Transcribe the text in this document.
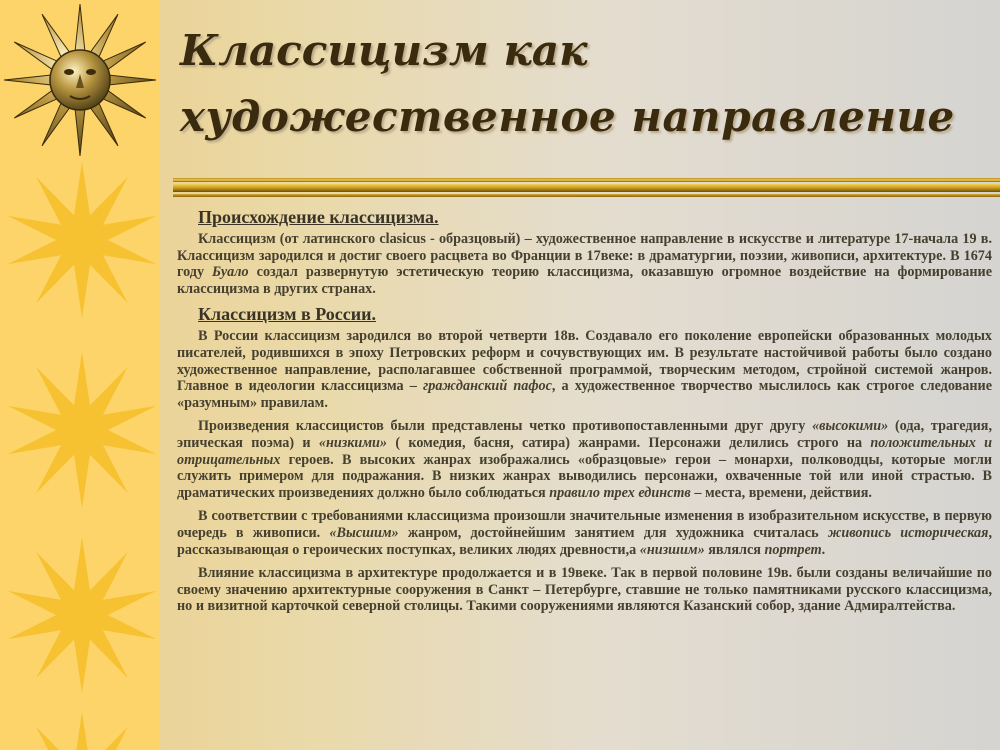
Классицизм как
художественное направление
Происхождение классицизма.

Классицизм (от латинского clasicus - образцовый) – художественное направление в искусстве и литературе 17-начала 19 в. Классицизм зародился и достиг своего расцвета во Франции в 17веке: в драматургии, поэзии, живописи, архитектуре. В 1674 году Буало создал развернутую эстетическую теорию классицизма, оказавшую огромное воздействие на формирование классицизма в других странах.

Классицизм в России.

В России классицизм зародился во второй четверти 18в. Создавало его поколение европейски образованных молодых писателей, родившихся в эпоху Петровских реформ и сочувствующих им. В результате настойчивой работы было создано художественное направление, располагавшее собственной программой, творческим методом, стройной системой жанров. Главное в идеологии классицизма – гражданский пафос, а художественное творчество мыслилось как строгое следование «разумным» правилам.

Произведения классицистов были представлены четко противопоставленными друг другу «высокими» (ода, трагедия, эпическая поэма) и «низкими» ( комедия, басня, сатира) жанрами. Персонажи делились строго на положительных и отрицательных героев. В высоких жанрах изображались «образцовые» герои – монархи, полководцы, которые могли служить примером для подражания. В низких жанрах выводились персонажи, охваченные той или иной страстью. В драматических произведениях должно было соблюдаться правило трех единств – места, времени, действия.

В соответствии с требованиями классицизма произошли значительные изменения в изобразительном искусстве, в первую очередь в живописи. «Высшим» жанром, достойнейшим занятием для художника считалась живопись историческая, рассказывающая о героических поступках, великих людях древности,а «низшим» являлся портрет.

Влияние классицизма в архитектуре продолжается и в 19веке. Так в первой половине 19в. были созданы величайшие по своему значению архитектурные сооружения в Санкт – Петербурге, ставшие не только памятниками русского классицизма, но и визитной карточкой северной столицы. Такими сооружениями являются Казанский собор, здание Адмиралтейства.
